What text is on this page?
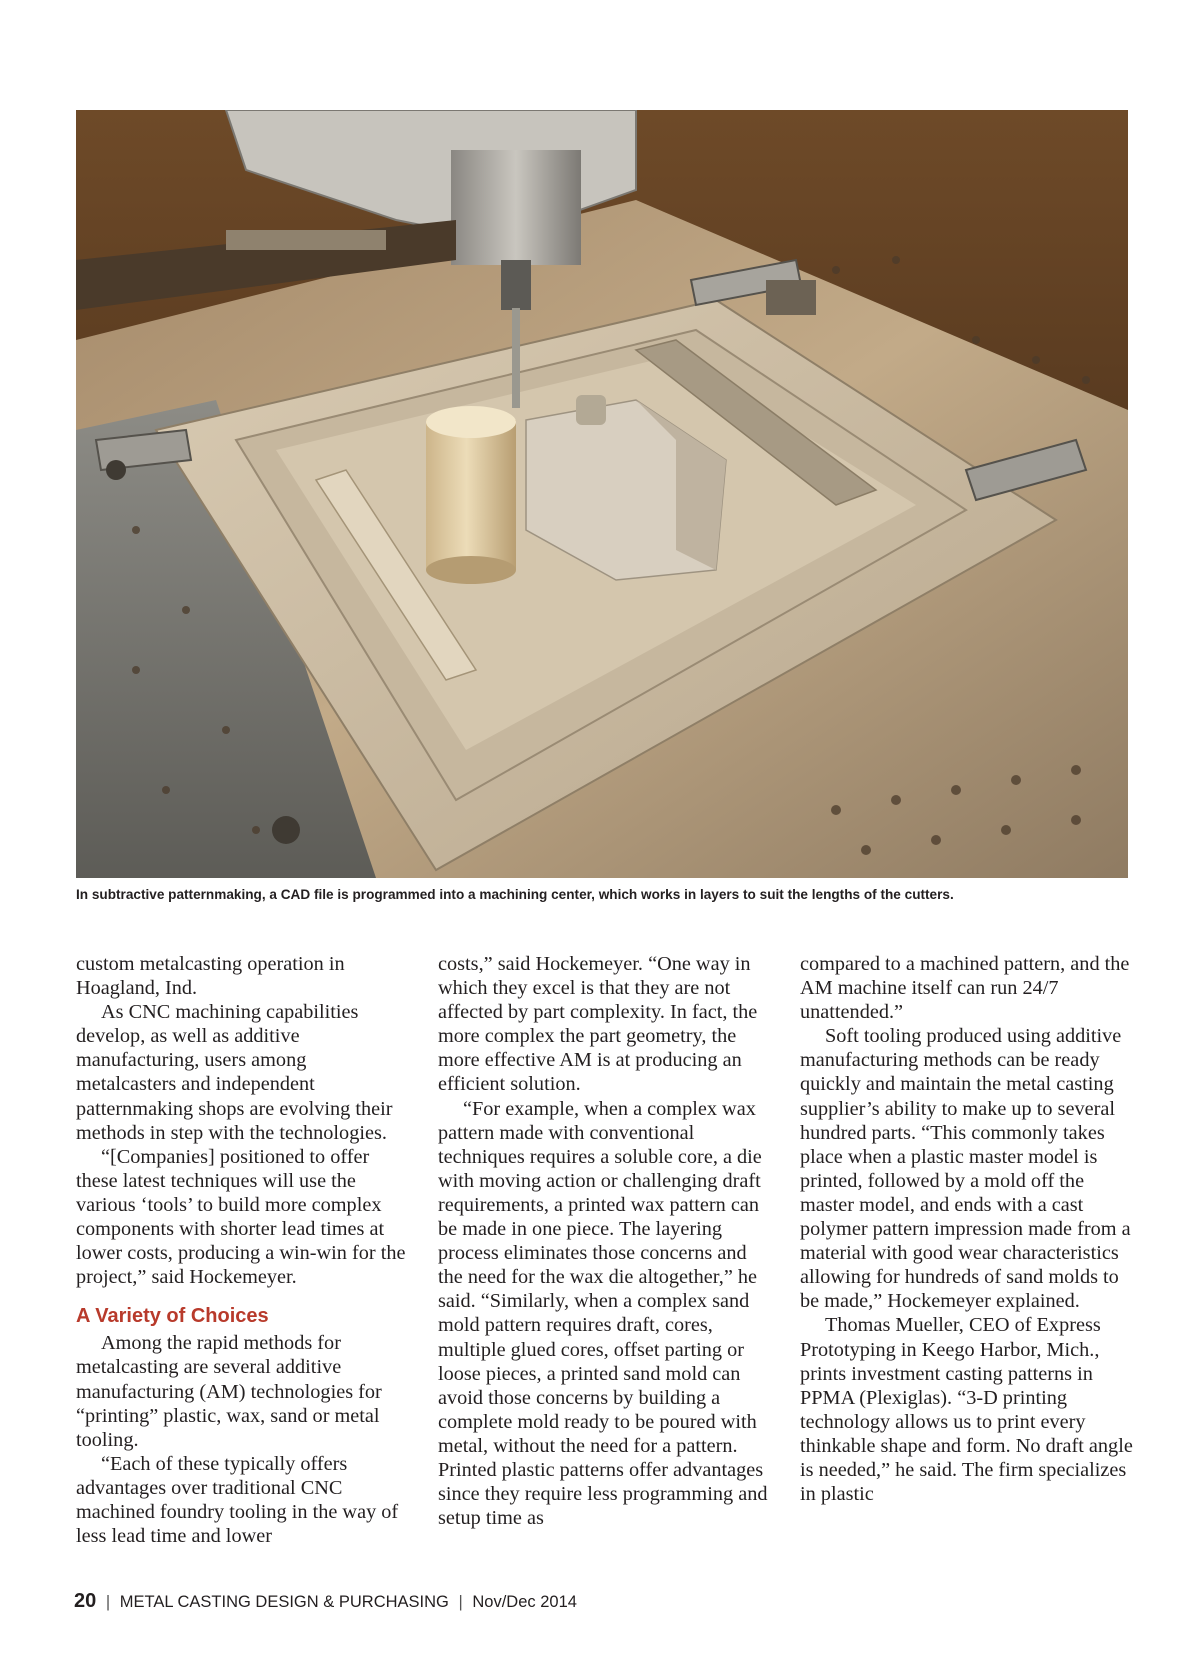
In subtractive patternmaking, a CAD file is programmed into a machining center, which works in layers to suit the lengths of the cutters.

custom metalcasting operation in Hoagland, Ind.

As CNC machining capabilities develop, as well as additive manufacturing, users among metalcasters and independent patternmaking shops are evolving their methods in step with the technologies.

“[Companies] positioned to offer these latest techniques will use the various ‘tools’ to build more complex components with shorter lead times at lower costs, producing a win-win for the project,” said Hockemeyer.

A Variety of Choices

Among the rapid methods for metalcasting are several additive manufacturing (AM) technologies for “printing” plastic, wax, sand or metal tooling.

“Each of these typically offers advantages over traditional CNC machined foundry tooling in the way of less lead time and lower

costs,” said Hockemeyer. “One way in which they excel is that they are not affected by part complexity. In fact, the more complex the part geometry, the more effective AM is at producing an efficient solution.

“For example, when a complex wax pattern made with conventional techniques requires a soluble core, a die with moving action or challenging draft requirements, a printed wax pattern can be made in one piece. The layering process eliminates those concerns and the need for the wax die altogether,” he said. “Similarly, when a complex sand mold pattern requires draft, cores, multiple glued cores, offset parting or loose pieces, a printed sand mold can avoid those concerns by building a complete mold ready to be poured with metal, without the need for a pattern. Printed plastic patterns offer advantages since they require less programming and setup time as

compared to a machined pattern, and the AM machine itself can run 24/7 unattended.”

Soft tooling produced using additive manufacturing methods can be ready quickly and maintain the metal casting supplier’s ability to make up to several hundred parts. “This commonly takes place when a plastic master model is printed, followed by a mold off the master model, and ends with a cast polymer pattern impression made from a material with good wear characteristics allowing for hundreds of sand molds to be made,” Hockemeyer explained.

Thomas Mueller, CEO of Express Prototyping in Keego Harbor, Mich., prints investment casting patterns in PPMA (Plexiglas). “3-D printing technology allows us to print every thinkable shape and form. No draft angle is needed,” he said. The firm specializes in plastic

20 | METAL CASTING DESIGN & PURCHASING | Nov/Dec 2014
